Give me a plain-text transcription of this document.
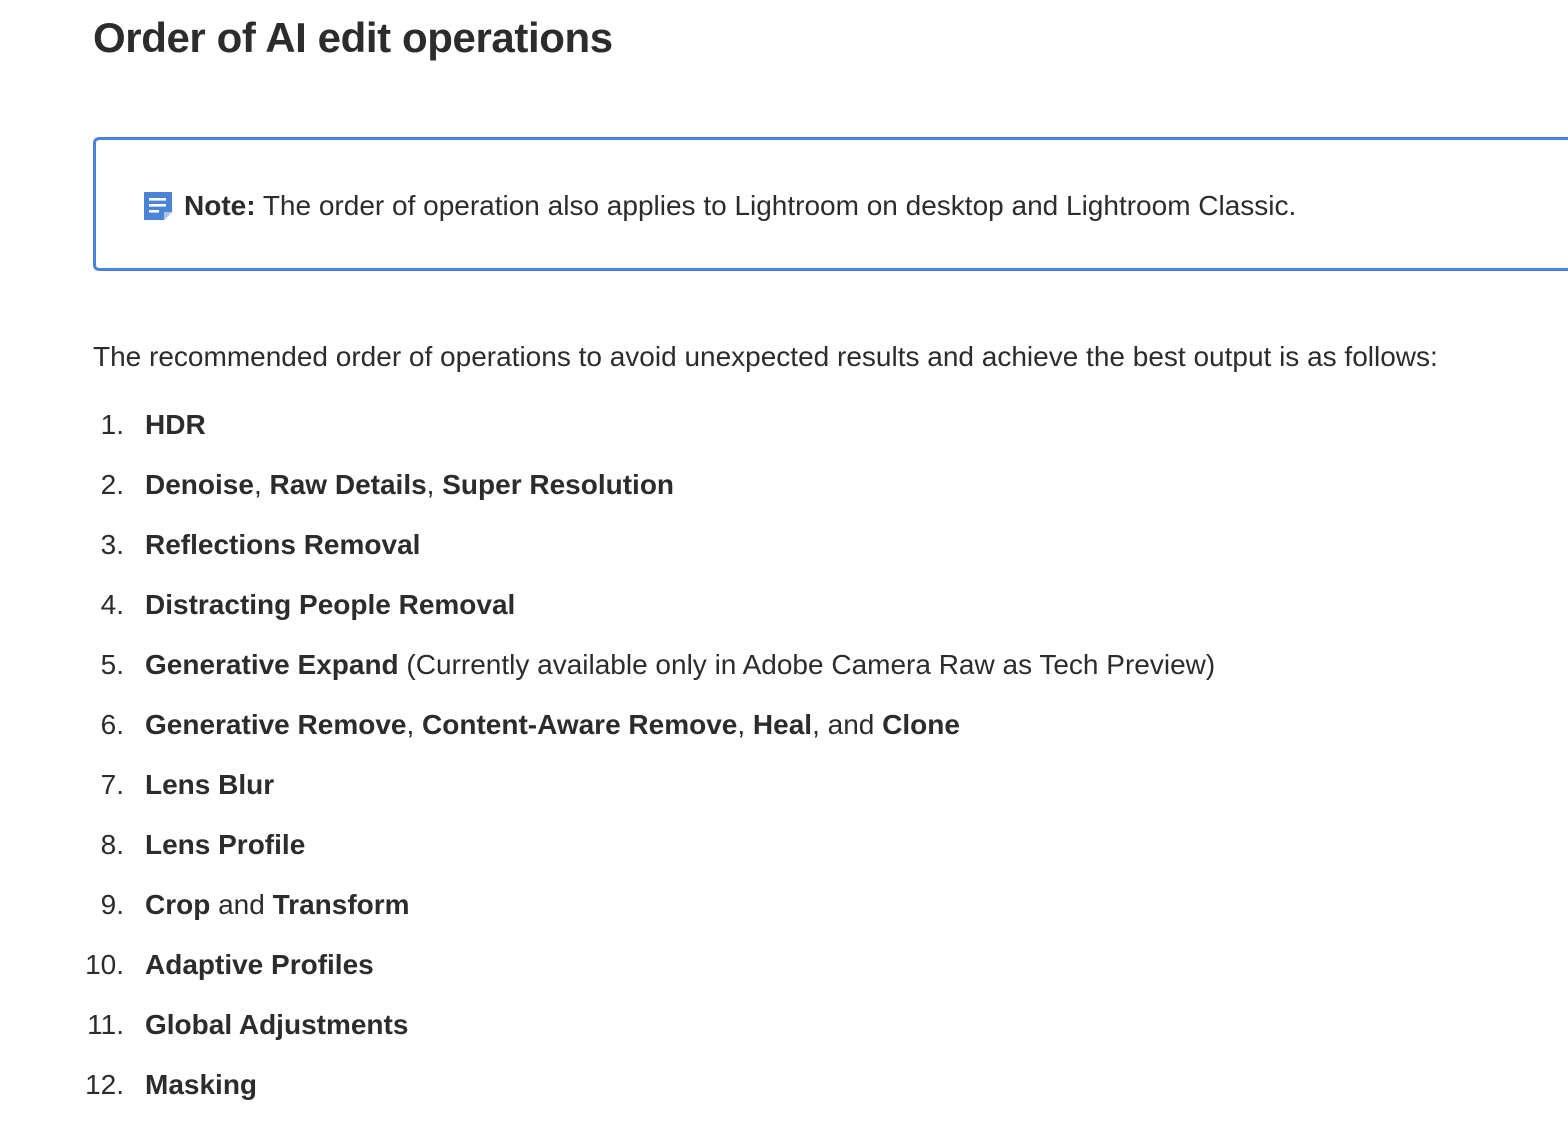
Order of AI edit operations
Note: The order of operation also applies to Lightroom on desktop and Lightroom Classic.

The recommended order of operations to avoid unexpected results and achieve the best output is as follows:

1. HDR
2. Denoise, Raw Details, Super Resolution
3. Reflections Removal
4. Distracting People Removal
5. Generative Expand (Currently available only in Adobe Camera Raw as Tech Preview)
6. Generative Remove, Content-Aware Remove, Heal, and Clone
7. Lens Blur
8. Lens Profile
9. Crop and Transform
10. Adaptive Profiles
11. Global Adjustments
12. Masking
